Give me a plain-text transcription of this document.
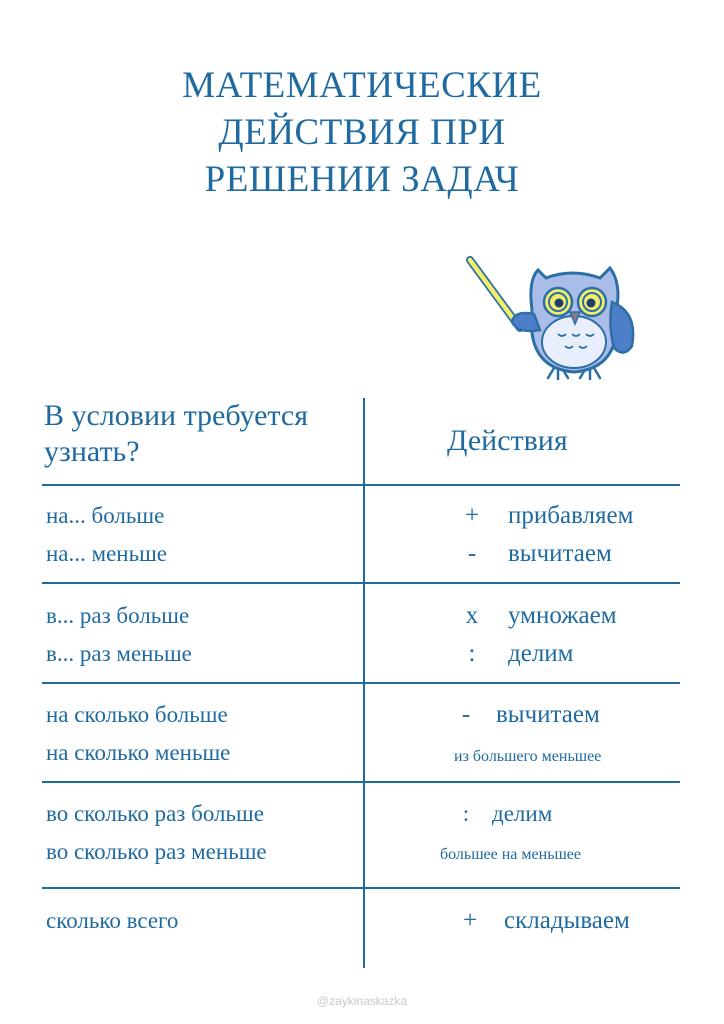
МАТЕМАТИЧЕСКИЕ
ДЕЙСТВИЯ ПРИ
РЕШЕНИИ ЗАДАЧ
В условии требуется
узнать?	Действия
на... больше
на... меньше
+ прибавляем
- вычитаем
в... раз больше
в... раз меньше
х умножаем
: делим
на сколько больше
на сколько меньше
- вычитаем
из большего меньшее
во сколько раз больше
во сколько раз меньше
: делим
большее на меньшее
сколько всего	+ складываем
@zaykinaskazka
